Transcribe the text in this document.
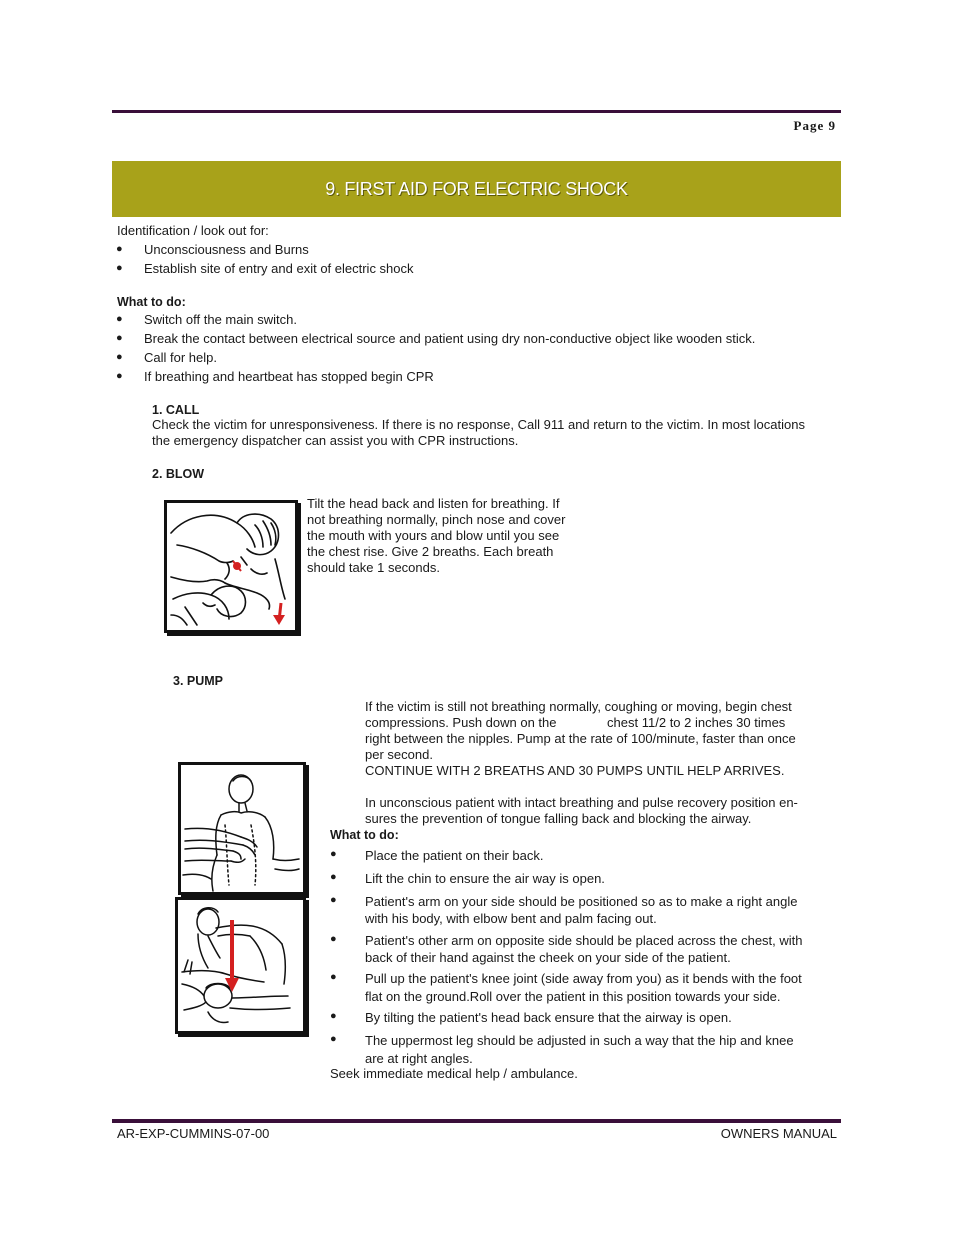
Page 9
9. FIRST AID FOR ELECTRIC SHOCK
Identification / look out for:
● Unconsciousness and Burns
● Establish site of entry and exit of electric shock
What to do:
● Switch off the main switch.
● Break the contact between electrical source and patient using dry non-conductive object like wooden stick.
● Call for help.
● If breathing and heartbeat has stopped begin CPR
1. CALL
Check the victim for unresponsiveness. If there is no response, Call 911 and return to the victim. In most locations
the emergency dispatcher can assist you with CPR instructions.
2. BLOW
Tilt the head back and listen for breathing. If
not breathing normally, pinch nose and cover
the mouth with yours and blow until you see
the chest rise. Give 2 breaths. Each breath
should take 1 seconds.
3. PUMP
If the victim is still not breathing normally, coughing or moving, begin chest
compressions. Push down on the              chest 11/2 to 2 inches 30 times
right between the nipples. Pump at the rate of 100/minute, faster than once
per second.
CONTINUE WITH 2 BREATHS AND 30 PUMPS UNTIL HELP ARRIVES.
In unconscious patient with intact breathing and pulse recovery position en-
sures the prevention of tongue falling back and blocking the airway.
What to do:
● Place the patient on their back.
● Lift the chin to ensure the air way is open.
● Patient's arm on your side should be positioned so as to make a right angle
with his body, with elbow bent and palm facing out.
● Patient's other arm on opposite side should be placed across the chest, with
back of their hand against the cheek on your side of the patient.
● Pull up the patient's knee joint (side away from you) as it bends with the foot
flat on the ground.Roll over the patient in this position towards your side.
● By tilting the patient's head back ensure that the airway is open.
● The uppermost leg should be adjusted in such a way that the hip and knee
are at right angles.
Seek immediate medical help / ambulance.
AR-EXP-CUMMINS-07-00	OWNERS MANUAL
